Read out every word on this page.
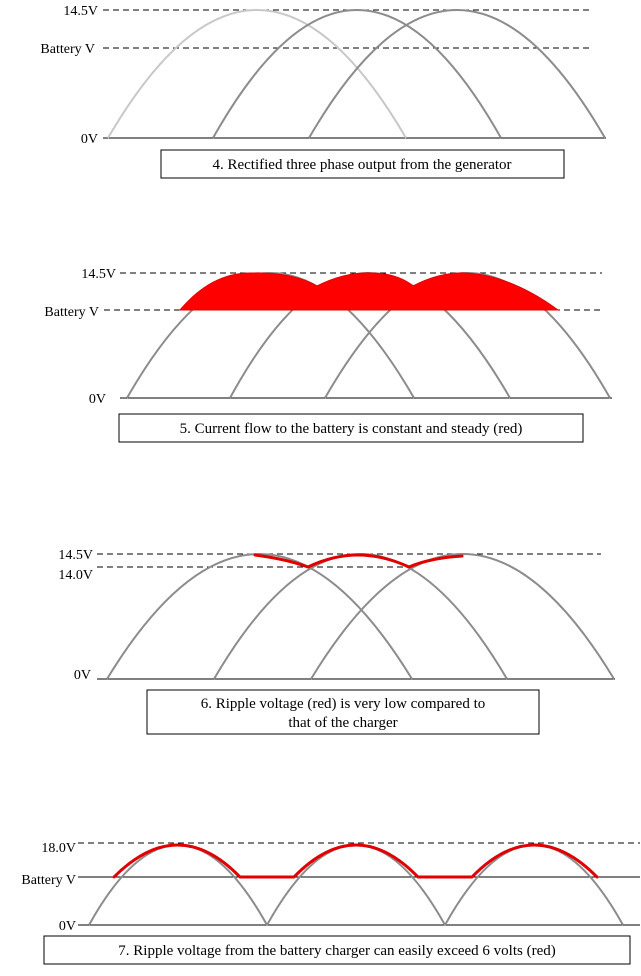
14.5V
Battery V
0V
4. Rectified three phase output from the generator
14.5V
Battery V
0V
5. Current flow to the battery is constant and steady (red)
14.5V
14.0V
0V
6. Ripple voltage (red) is very low compared to
that of the charger
18.0V
Battery V
0V
7. Ripple voltage from the battery charger can easily exceed 6 volts (red)
